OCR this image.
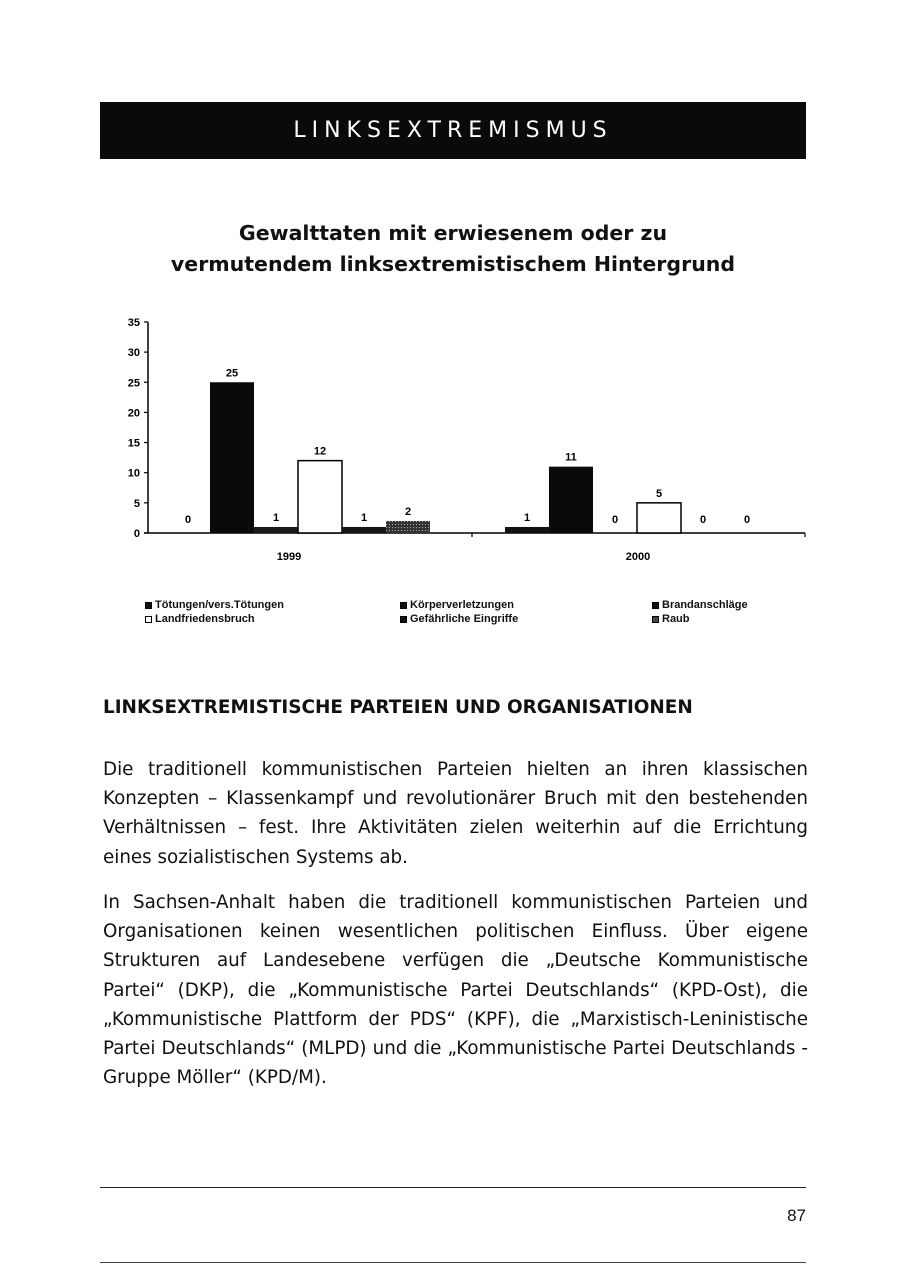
LINKSEXTREMISMUS
Gewalttaten mit erwiesenem oder zu
vermutendem linksextremistischem Hintergrund
0
5
10
15
20
25
30
35
0
25
1
12
1
2
1999
1
11
0
5
0	0
2000
Tötungen/vers.Tötungen
Landfriedensbruch
Körperverletzungen
Gefährliche Eingriffe
Brandanschläge
Raub
LINKSEXTREMISTISCHE PARTEIEN UND ORGANISATIONEN
Die traditionell kommunistischen Parteien hielten an ihren klassischen Konzepten – Klassenkampf und revolutionärer Bruch mit den bestehenden Verhältnissen – fest. Ihre Aktivitäten zielen weiterhin auf die Errichtung eines sozialistischen Systems ab.
In Sachsen-Anhalt haben die traditionell kommunistischen Parteien und Organisationen keinen wesentlichen politischen Einfluss. Über eigene Strukturen auf Landesebene verfügen die „Deutsche Kommunistische Partei“ (DKP), die „Kommunistische Partei Deutschlands“ (KPD-Ost), die „Kommunistische Plattform der PDS“ (KPF), die „Marxistisch-Leninistische Partei Deutschlands“ (MLPD) und die „Kommunistische Partei Deutschlands - Gruppe Möller“ (KPD/M).
87
